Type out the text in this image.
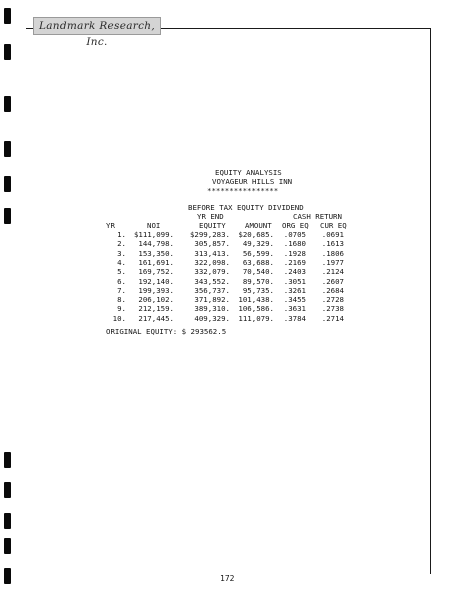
Landmark Research, Inc.
EQUITY ANALYSIS
VOYAGEUR HILLS INN
****************
BEFORE TAX EQUITY DIVIDEND
YR END	CASH RETURN
YR	NOI	EQUITY	AMOUNT ORG EQ CUR EQ
1. $111,099. $299,283. $20,685. .0705 .0691
2. 144,798.	305,857. 49,329. .1680 .1613
3. 153,350.	313,413. 56,599. .1928 .1806
4. 161,691.	322,098. 63,688. .2169 .1977
5. 169,752.	332,079. 70,540. .2403 .2124
6. 192,140.	343,552. 89,570. .3051 .2607
7. 199,393.	356,737. 95,735. .3261 .2684
8. 206,102.	371,892. 101,438. .3455 .2728
9. 212,159.	389,310. 106,586. .3631 .2738
10. 217,445.	409,329. 111,079. .3784 .2714
ORIGINAL EQUITY: $ 293562.5
172
